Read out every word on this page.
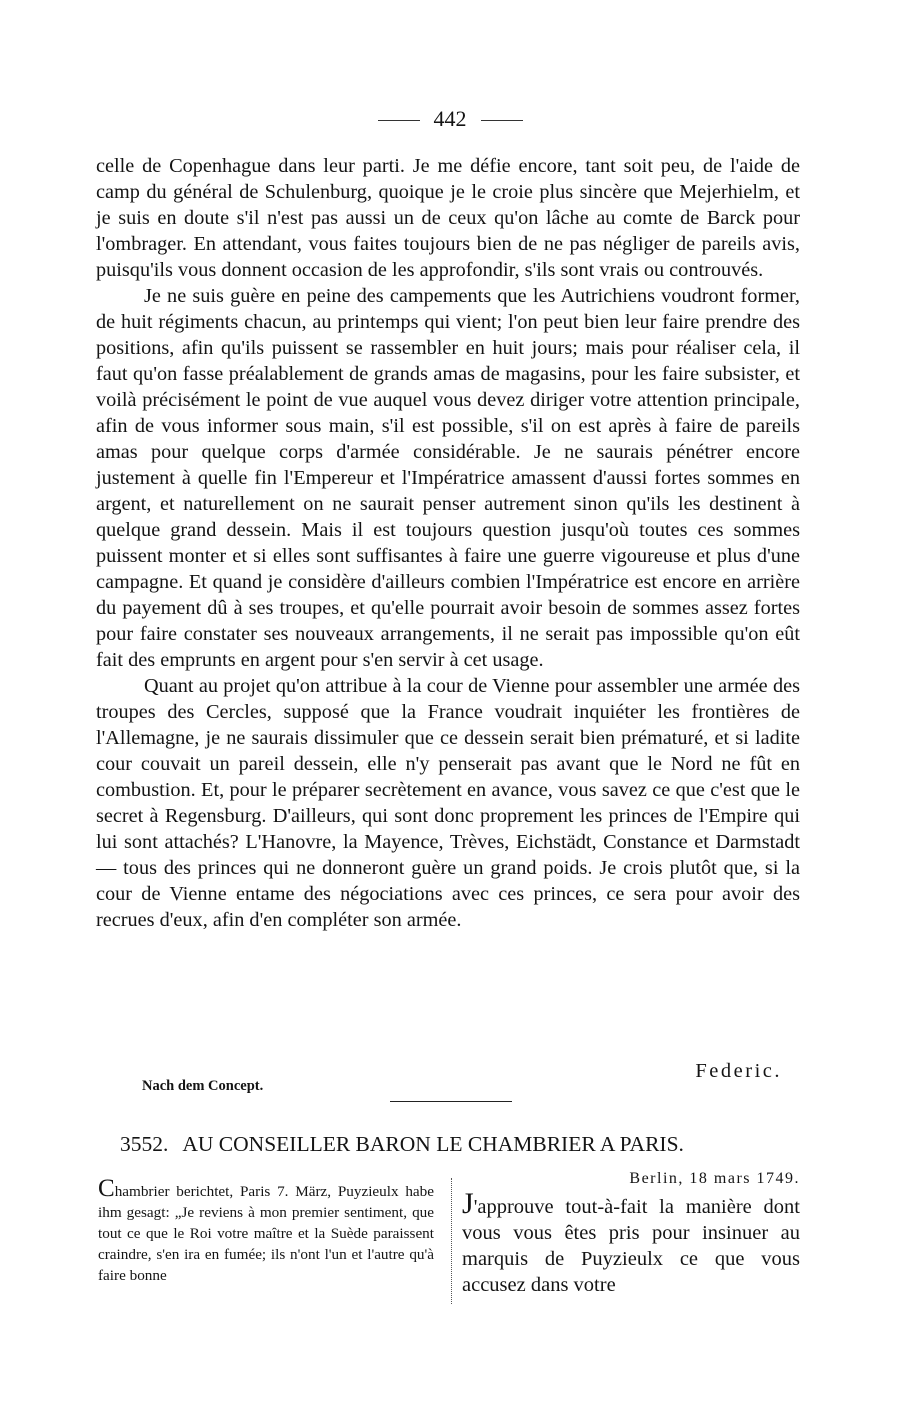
442

celle de Copenhague dans leur parti. Je me défie encore, tant soit peu, de l'aide de camp du général de Schulenburg, quoique je le croie plus sincère que Mejerhielm, et je suis en doute s'il n'est pas aussi un de ceux qu'on lâche au comte de Barck pour l'ombrager. En attendant, vous faites toujours bien de ne pas négliger de pareils avis, puisqu'ils vous donnent occasion de les approfondir, s'ils sont vrais ou controuvés.

Je ne suis guère en peine des campements que les Autrichiens voudront former, de huit régiments chacun, au printemps qui vient; l'on peut bien leur faire prendre des positions, afin qu'ils puissent se rassembler en huit jours; mais pour réaliser cela, il faut qu'on fasse préalablement de grands amas de magasins, pour les faire subsister, et voilà précisément le point de vue auquel vous devez diriger votre attention principale, afin de vous informer sous main, s'il est possible, s'il on est après à faire de pareils amas pour quelque corps d'armée considérable. Je ne saurais pénétrer encore justement à quelle fin l'Empereur et l'Impératrice amassent d'aussi fortes sommes en argent, et naturellement on ne saurait penser autrement sinon qu'ils les destinent à quelque grand dessein. Mais il est toujours question jusqu'où toutes ces sommes puissent monter et si elles sont suffisantes à faire une guerre vigoureuse et plus d'une campagne. Et quand je considère d'ailleurs combien l'Impératrice est encore en arrière du payement dû à ses troupes, et qu'elle pourrait avoir besoin de sommes assez fortes pour faire constater ses nouveaux arrangements, il ne serait pas impossible qu'on eût fait des emprunts en argent pour s'en servir à cet usage.

Quant au projet qu'on attribue à la cour de Vienne pour assembler une armée des troupes des Cercles, supposé que la France voudrait inquiéter les frontières de l'Allemagne, je ne saurais dissimuler que ce dessein serait bien prématuré, et si ladite cour couvait un pareil dessein, elle n'y penserait pas avant que le Nord ne fût en combustion. Et, pour le préparer secrètement en avance, vous savez ce que c'est que le secret à Regensburg. D'ailleurs, qui sont donc proprement les princes de l'Empire qui lui sont attachés? L'Hanovre, la Mayence, Trèves, Eichstädt, Constance et Darmstadt — tous des princes qui ne donneront guère un grand poids. Je crois plutôt que, si la cour de Vienne entame des négociations avec ces princes, ce sera pour avoir des recrues d'eux, afin d'en compléter son armée.

Federic.
Nach dem Concept.
3552. AU CONSEILLER BARON LE CHAMBRIER A PARIS.
Chambrier berichtet, Paris 7. März, Puyzieulx habe ihm gesagt: „Je reviens à mon premier sentiment, que tout ce que le Roi votre maître et la Suède paraissent craindre, s'en ira en fumée; ils n'ont l'un et l'autre qu'à faire bonne
Berlin, 18 mars 1749.
J'approuve tout-à-fait la manière dont vous vous êtes pris pour insinuer au marquis de Puyzieulx ce que vous accusez dans votre
